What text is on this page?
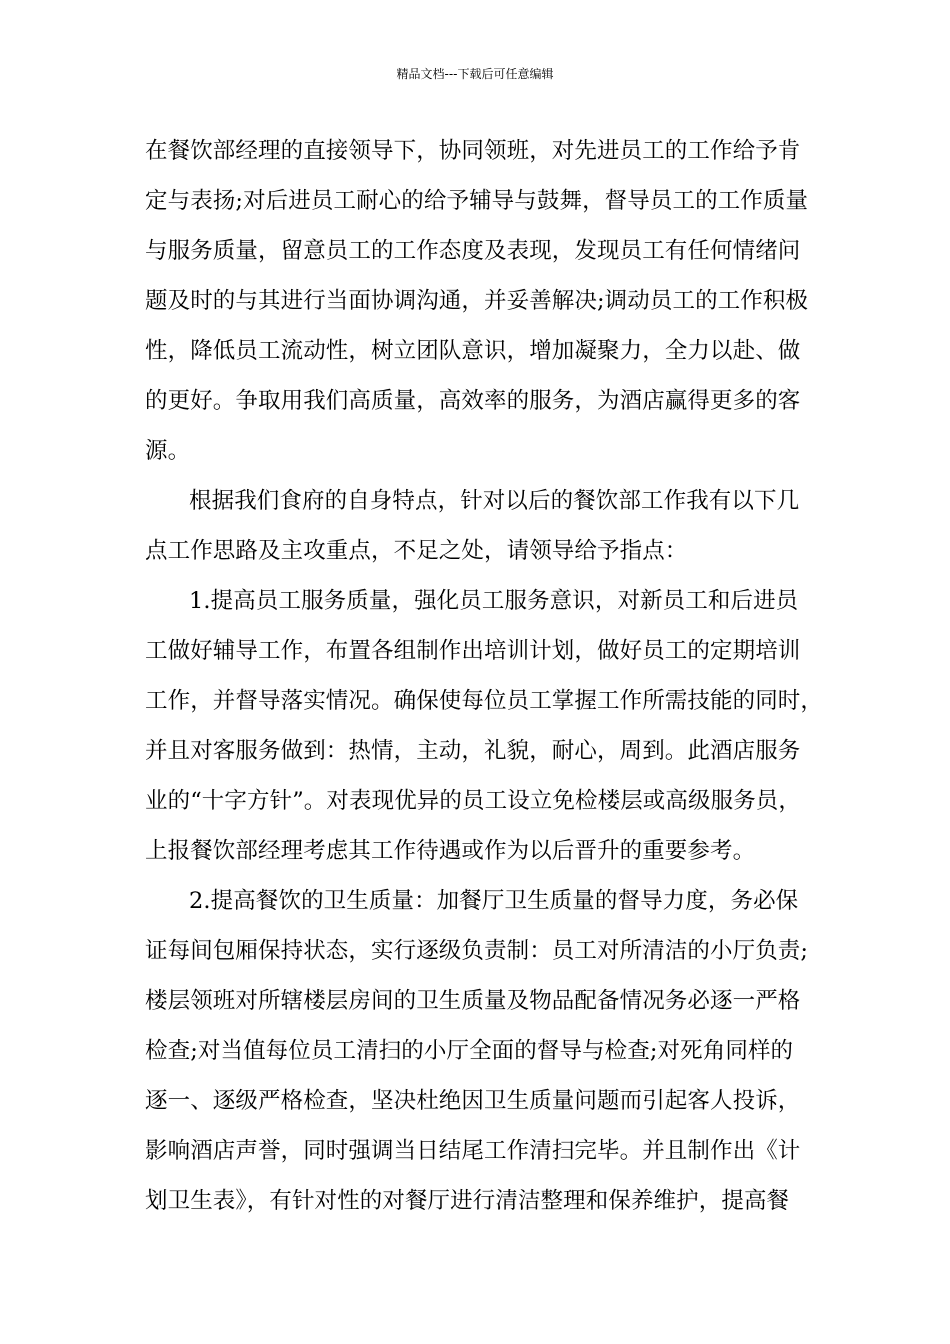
精品文档---下载后可任意编辑
在餐饮部经理的直接领导下，协同领班，对先进员工的工作给予肯
定与表扬;对后进员工耐心的给予辅导与鼓舞，督导员工的工作质量
与服务质量，留意员工的工作态度及表现，发现员工有任何情绪问
题及时的与其进行当面协调沟通，并妥善解决;调动员工的工作积极
性，降低员工流动性，树立团队意识，增加凝聚力，全力以赴、做
的更好。争取用我们高质量，高效率的服务，为酒店赢得更多的客
源。
根据我们食府的自身特点，针对以后的餐饮部工作我有以下几
点工作思路及主攻重点，不足之处，请领导给予指点：
1.提高员工服务质量，强化员工服务意识，对新员工和后进员
工做好辅导工作，布置各组制作出培训计划，做好员工的定期培训
工作，并督导落实情况。确保使每位员工掌握工作所需技能的同时，
并且对客服务做到：热情，主动，礼貌，耐心，周到。此酒店服务
业的“十字方针”。对表现优异的员工设立免检楼层或高级服务员，
上报餐饮部经理考虑其工作待遇或作为以后晋升的重要参考。
2.提高餐饮的卫生质量：加餐厅卫生质量的督导力度，务必保
证每间包厢保持状态，实行逐级负责制：员工对所清洁的小厅负责;
楼层领班对所辖楼层房间的卫生质量及物品配备情况务必逐一严格
检查;对当值每位员工清扫的小厅全面的督导与检查;对死角同样的
逐一、逐级严格检查，坚决杜绝因卫生质量问题而引起客人投诉，
影响酒店声誉，同时强调当日结尾工作清扫完毕。并且制作出《计
划卫生表》，有针对性的对餐厅进行清洁整理和保养维护，提高餐
